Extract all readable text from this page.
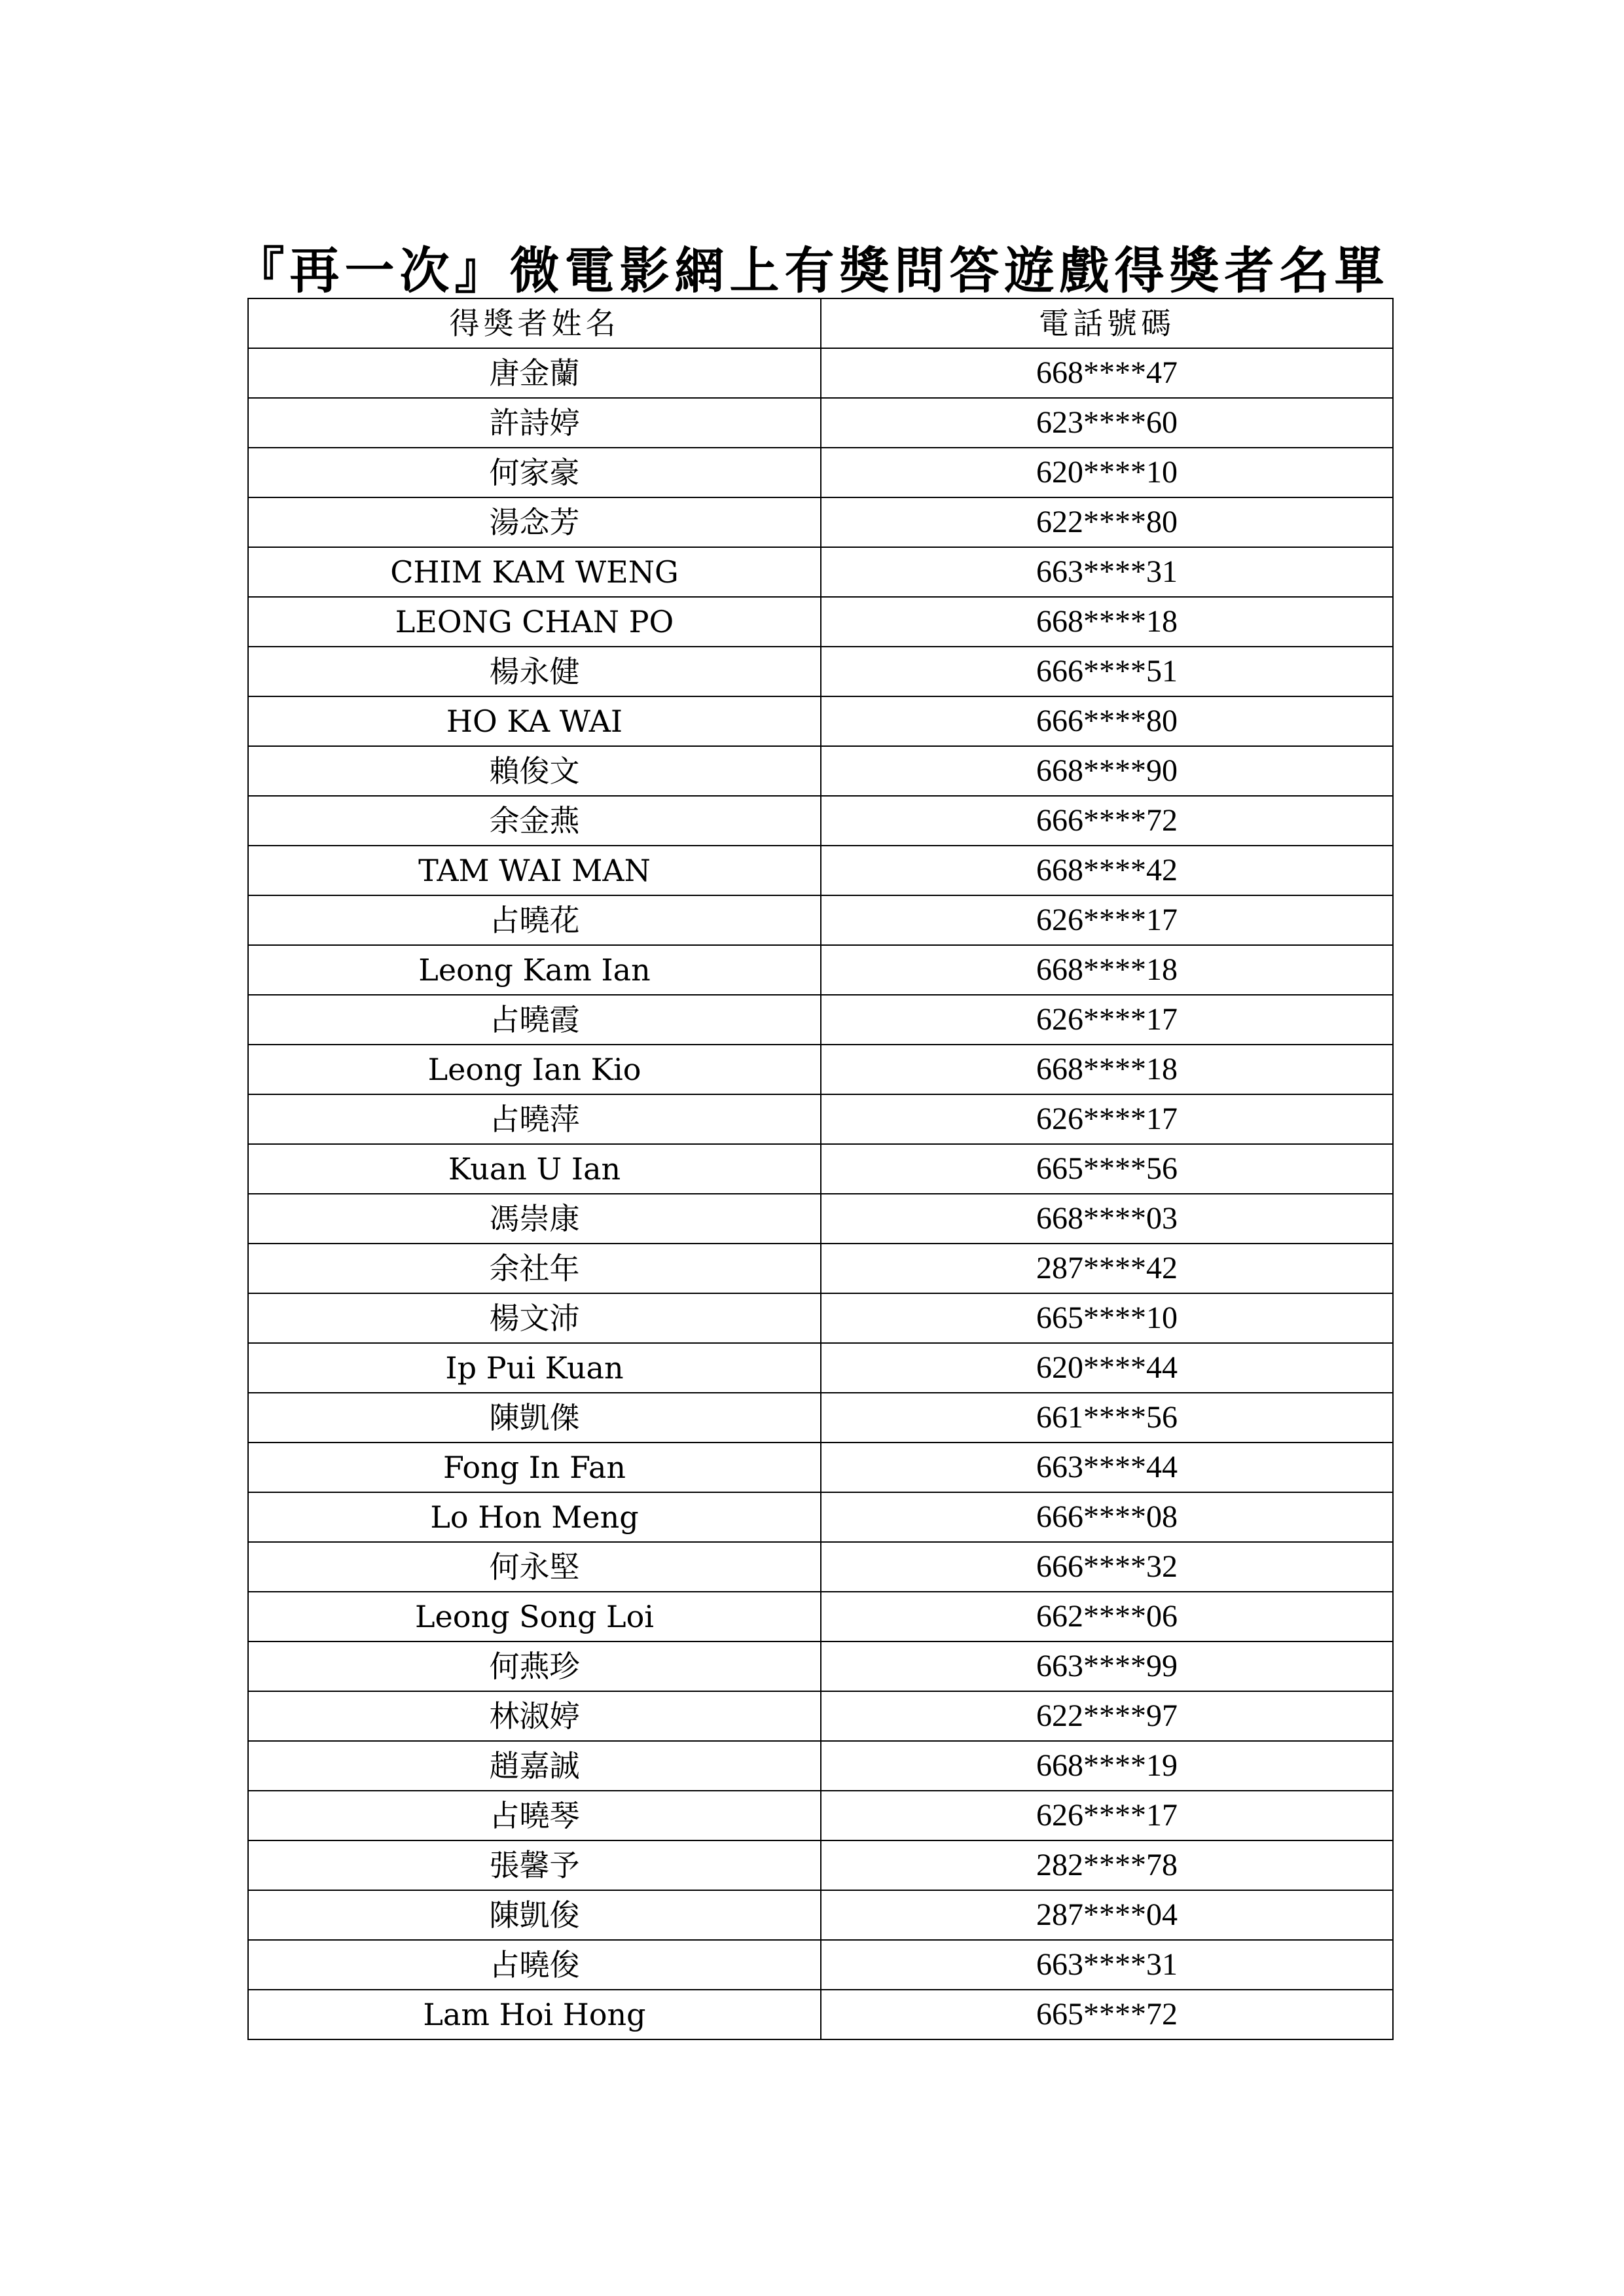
『再一次』微電影網上有獎問答遊戲得獎者名單
得獎者姓名	電話號碼
唐金蘭	668****47
許詩婷	623****60
何家豪	620****10
湯念芳	622****80
CHIM KAM WENG	663****31
LEONG CHAN PO	668****18
楊永健	666****51
HO KA WAI	666****80
賴俊文	668****90
余金燕	666****72
TAM WAI MAN	668****42
占曉花	626****17
Leong Kam Ian	668****18
占曉霞	626****17
Leong Ian Kio	668****18
占曉萍	626****17
Kuan U Ian	665****56
馮崇康	668****03
余社年	287****42
楊文沛	665****10
Ip Pui Kuan	620****44
陳凱傑	661****56
Fong In Fan	663****44
Lo Hon Meng	666****08
何永堅	666****32
Leong Song Loi	662****06
何燕珍	663****99
林淑婷	622****97
趙嘉誠	668****19
占曉琴	626****17
張馨予	282****78
陳凱俊	287****04
占曉俊	663****31
Lam Hoi Hong	665****72
